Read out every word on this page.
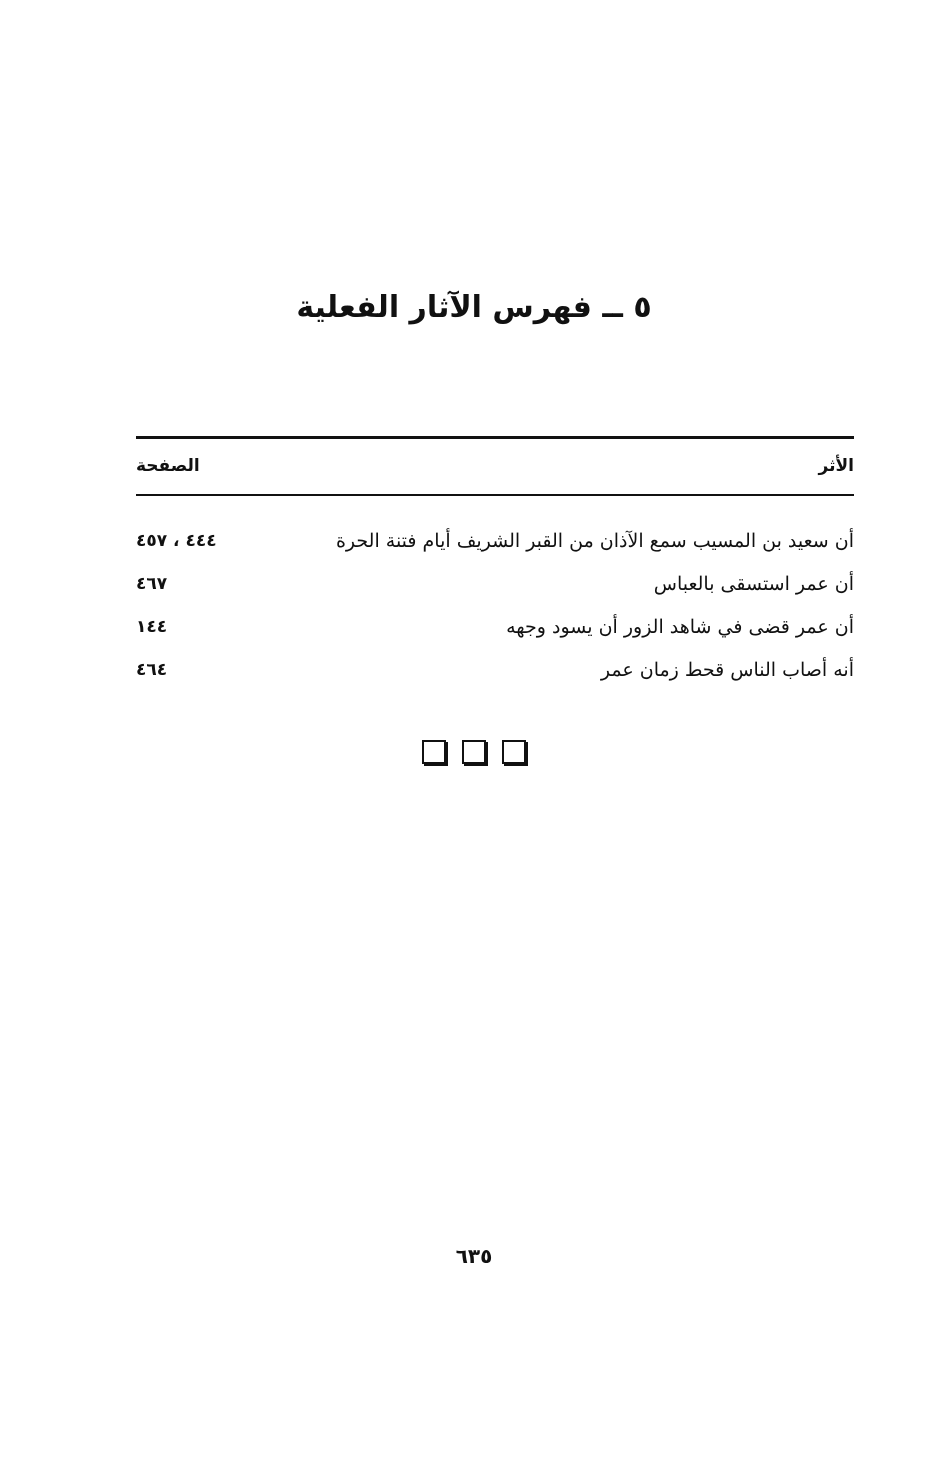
٥ ــ فهرس الآثار الفعلية
الأثر
الصفحة
أن سعيد بن المسيب سمع الآذان من القبر الشريف أيام فتنة الحرة
٤٤٤ ، ٤٥٧
أن عمر استسقى بالعباس
٤٦٧
أن عمر قضى في شاهد الزور أن يسود وجهه
١٤٤
أنه أصاب الناس قحط زمان عمر
٤٦٤

٦٣٥
